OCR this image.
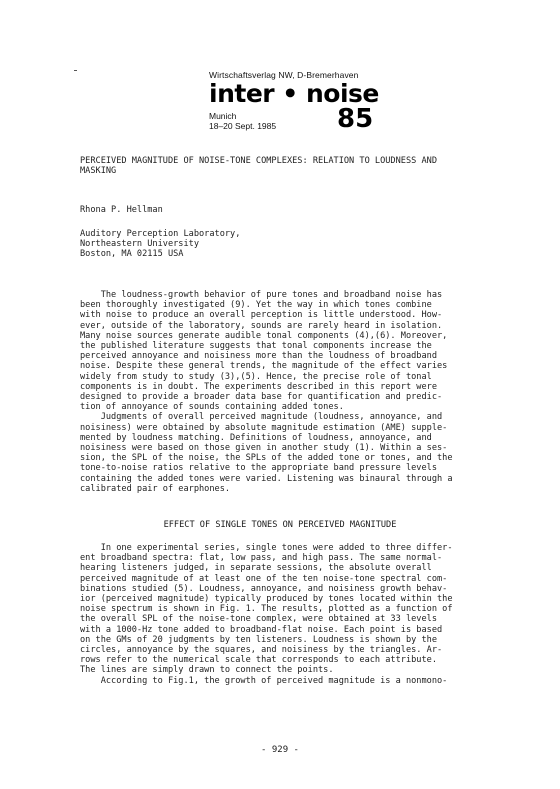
Wirtschaftsverlag NW, D-Bremerhaven
inter • noise
Munich
18–20 Sept. 1985 85
PERCEIVED MAGNITUDE OF NOISE-TONE COMPLEXES: RELATION TO LOUDNESS AND
MASKING
Rhona P. Hellman
Auditory Perception Laboratory,
Northeastern University
Boston, MA 02115 USA
The loudness-growth behavior of pure tones and broadband noise has
been thoroughly investigated (9). Yet the way in which tones combine
with noise to produce an overall perception is little understood. How-
ever, outside of the laboratory, sounds are rarely heard in isolation.
Many noise sources generate audible tonal components (4),(6). Moreover,
the published literature suggests that tonal components increase the
perceived annoyance and noisiness more than the loudness of broadband
noise. Despite these general trends, the magnitude of the effect varies
widely from study to study (3),(5). Hence, the precise role of tonal
components is in doubt. The experiments described in this report were
designed to provide a broader data base for quantification and predic-
tion of annoyance of sounds containing added tones.
Judgments of overall perceived magnitude (loudness, annoyance, and
noisiness) were obtained by absolute magnitude estimation (AME) supple-
mented by loudness matching. Definitions of loudness, annoyance, and
noisiness were based on those given in another study (1). Within a ses-
sion, the SPL of the noise, the SPLs of the added tone or tones, and the
tone-to-noise ratios relative to the appropriate band pressure levels
containing the added tones were varied. Listening was binaural through a
calibrated pair of earphones.
EFFECT OF SINGLE TONES ON PERCEIVED MAGNITUDE
In one experimental series, single tones were added to three differ-
ent broadband spectra: flat, low pass, and high pass. The same normal-
hearing listeners judged, in separate sessions, the absolute overall
perceived magnitude of at least one of the ten noise-tone spectral com-
binations studied (5). Loudness, annoyance, and noisiness growth behav-
ior (perceived magnitude) typically produced by tones located within the
noise spectrum is shown in Fig. 1. The results, plotted as a function of
the overall SPL of the noise-tone complex, were obtained at 33 levels
with a 1000-Hz tone added to broadband-flat noise. Each point is based
on the GMs of 20 judgments by ten listeners. Loudness is shown by the
circles, annoyance by the squares, and noisiness by the triangles. Ar-
rows refer to the numerical scale that corresponds to each attribute.
The lines are simply drawn to connect the points.
According to Fig.1, the growth of perceived magnitude is a nonmono-
- 929 -
